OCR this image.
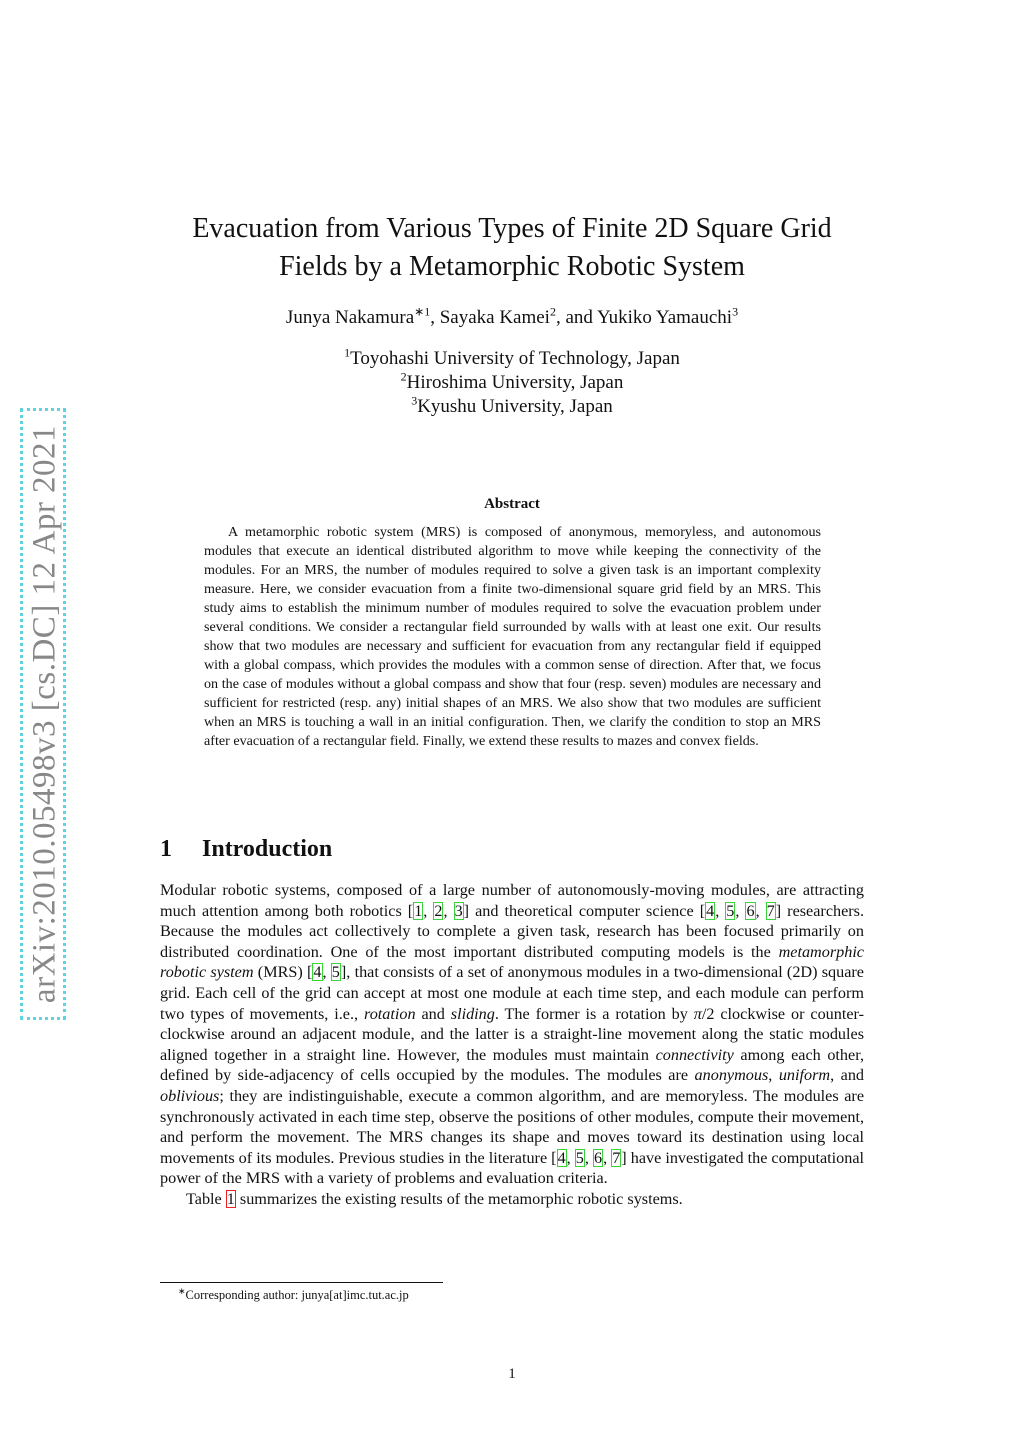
arXiv:2010.05498v3 [cs.DC] 12 Apr 2021
Evacuation from Various Types of Finite 2D Square Grid
Fields by a Metamorphic Robotic System
Junya Nakamura$^{∗1}$, Sayaka Kamei$^2$, and Yukiko Yamauchi$^3$
$^1$Toyohashi University of Technology, Japan
$^2$Hiroshima University, Japan
$^3$Kyushu University, Japan
Abstract
A metamorphic robotic system (MRS) is composed of anonymous, memoryless, and autonomous modules that execute an identical distributed algorithm to move while keeping the connectivity of the modules. For an MRS, the number of modules required to solve a given task is an important complexity measure. Here, we consider evacuation from a finite two-dimensional square grid field by an MRS. This study aims to establish the minimum number of modules required to solve the evacuation problem under several conditions. We consider a rectangular field surrounded by walls with at least one exit. Our results show that two modules are necessary and sufficient for evacuation from any rectangular field if equipped with a global compass, which provides the modules with a common sense of direction. After that, we focus on the case of modules without a global compass and show that four (resp. seven) modules are necessary and sufficient for restricted (resp. any) initial shapes of an MRS. We also show that two modules are sufficient when an MRS is touching a wall in an initial configuration. Then, we clarify the condition to stop an MRS after evacuation of a rectangular field. Finally, we extend these results to mazes and convex fields.
1 Introduction

Modular robotic systems, composed of a large number of autonomously-moving modules, are attracting much attention among both robotics [1, 2, 3] and theoretical computer science [4, 5, 6, 7] researchers. Because the modules act collectively to complete a given task, research has been focused primarily on distributed coordination. One of the most important distributed computing models is the metamorphic robotic system (MRS) [4, 5], that consists of a set of anonymous modules in a two-dimensional (2D) square grid. Each cell of the grid can accept at most one module at each time step, and each module can perform two types of movements, i.e., rotation and sliding. The former is a rotation by π/2 clockwise or counter-clockwise around an adjacent module, and the latter is a straight-line movement along the static modules aligned together in a straight line. However, the modules must maintain connectivity among each other, defined by side-adjacency of cells occupied by the modules. The modules are anonymous, uniform, and oblivious; they are indistinguishable, execute a common algorithm, and are memoryless. The modules are synchronously activated in each time step, observe the positions of other modules, compute their movement, and perform the movement. The MRS changes its shape and moves toward its destination using local movements of its modules. Previous studies in the literature [4, 5, 6, 7] have investigated the computational power of the MRS with a variety of problems and evaluation criteria.

Table 1 summarizes the existing results of the metamorphic robotic systems.

∗Corresponding author: junya[at]imc.tut.ac.jp
1
